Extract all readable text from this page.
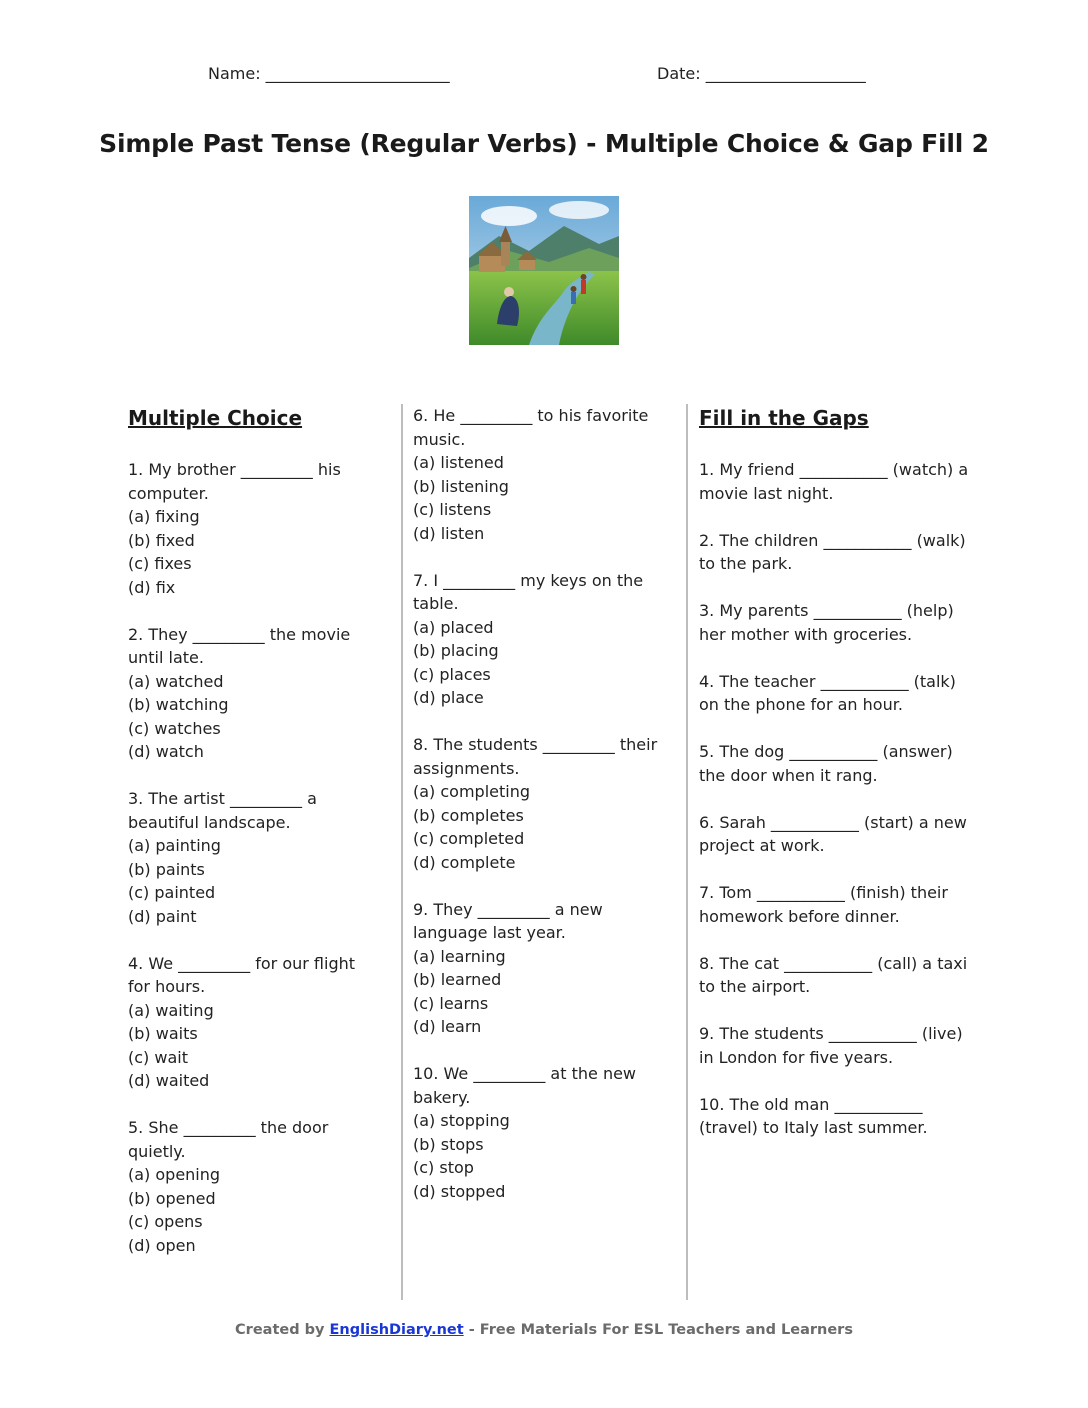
Name: _______________________	Date: ____________________
Simple Past Tense (Regular Verbs) - Multiple Choice & Gap Fill 2
Multiple Choice
1. My brother _________ his computer.
(a) fixing
(b) fixed
(c) fixes
(d) fix
2. They _________ the movie until late.
(a) watched
(b) watching
(c) watches
(d) watch
3. The artist _________ a beautiful landscape.
(a) painting
(b) paints
(c) painted
(d) paint
4. We _________ for our flight for hours.
(a) waiting
(b) waits
(c) wait
(d) waited
5. She _________ the door quietly.
(a) opening
(b) opened
(c) opens
(d) open
6. He _________ to his favorite music.
(a) listened
(b) listening
(c) listens
(d) listen
7. I _________ my keys on the table.
(a) placed
(b) placing
(c) places
(d) place
8. The students _________ their assignments.
(a) completing
(b) completes
(c) completed
(d) complete
9. They _________ a new language last year.
(a) learning
(b) learned
(c) learns
(d) learn
10. We _________ at the new bakery.
(a) stopping
(b) stops
(c) stop
(d) stopped
Fill in the Gaps
1. My friend ___________ (watch) a movie last night.
2. The children ___________ (walk) to the park.
3. My parents ___________ (help) her mother with groceries.
4. The teacher ___________ (talk) on the phone for an hour.
5. The dog ___________ (answer) the door when it rang.
6. Sarah ___________ (start) a new project at work.
7. Tom ___________ (finish) their homework before dinner.
8. The cat ___________ (call) a taxi to the airport.
9. The students ___________ (live) in London for five years.
10. The old man ___________ (travel) to Italy last summer.
Created by EnglishDiary.net - Free Materials For ESL Teachers and Learners
